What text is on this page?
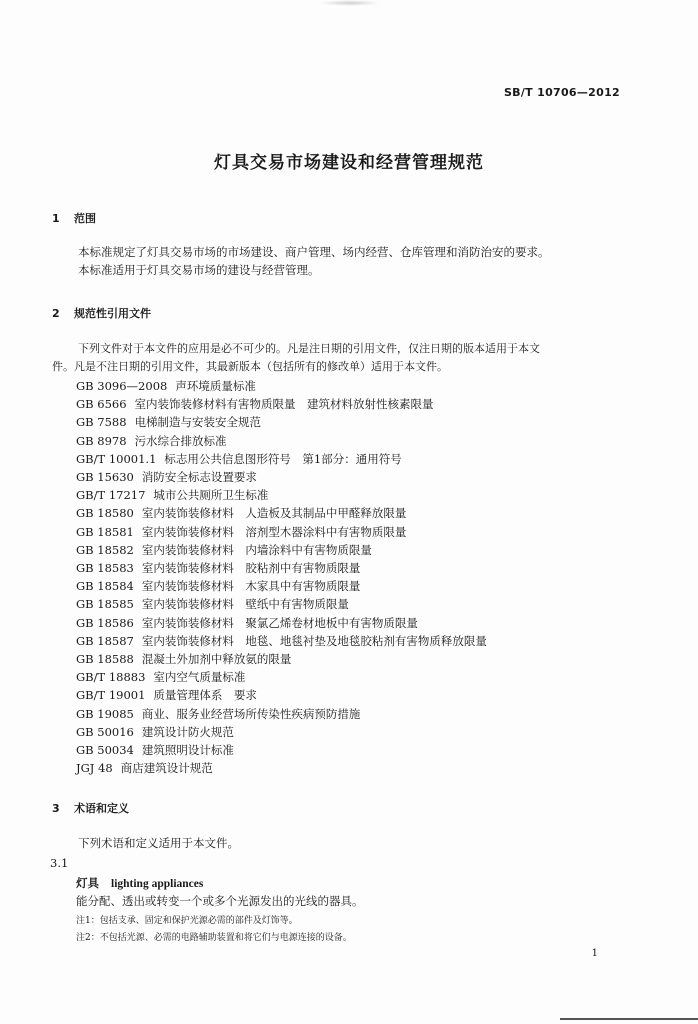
SB/T 10706—2012
灯具交易市场建设和经营管理规范
1 范围
本标准规定了灯具交易市场的市场建设、商户管理、场内经营、仓库管理和消防治安的要求。
本标准适用于灯具交易市场的建设与经营管理。
2 规范性引用文件
下列文件对于本文件的应用是必不可少的。凡是注日期的引用文件，仅注日期的版本适用于本文
件。凡是不注日期的引用文件，其最新版本（包括所有的修改单）适用于本文件。
GB 3096—2008 声环境质量标准
GB 6566 室内装饰装修材料有害物质限量　建筑材料放射性核素限量
GB 7588 电梯制造与安装安全规范
GB 8978 污水综合排放标准
GB/T 10001.1 标志用公共信息图形符号　第1部分：通用符号
GB 15630 消防安全标志设置要求
GB/T 17217 城市公共厕所卫生标准
GB 18580 室内装饰装修材料　人造板及其制品中甲醛释放限量
GB 18581 室内装饰装修材料　溶剂型木器涂料中有害物质限量
GB 18582 室内装饰装修材料　内墙涂料中有害物质限量
GB 18583 室内装饰装修材料　胶粘剂中有害物质限量
GB 18584 室内装饰装修材料　木家具中有害物质限量
GB 18585 室内装饰装修材料　壁纸中有害物质限量
GB 18586 室内装饰装修材料　聚氯乙烯卷材地板中有害物质限量
GB 18587 室内装饰装修材料　地毯、地毯衬垫及地毯胶粘剂有害物质释放限量
GB 18588 混凝土外加剂中释放氨的限量
GB/T 18883 室内空气质量标准
GB/T 19001 质量管理体系　要求
GB 19085 商业、服务业经营场所传染性疾病预防措施
GB 50016 建筑设计防火规范
GB 50034 建筑照明设计标准
JGJ 48 商店建筑设计规范
3 术语和定义
下列术语和定义适用于本文件。
3.1
灯具 lighting appliances
能分配、透出或转变一个或多个光源发出的光线的器具。
注1：包括支承、固定和保护光源必需的部件及灯饰等。
注2：不包括光源、必需的电路辅助装置和将它们与电源连接的设备。
1
